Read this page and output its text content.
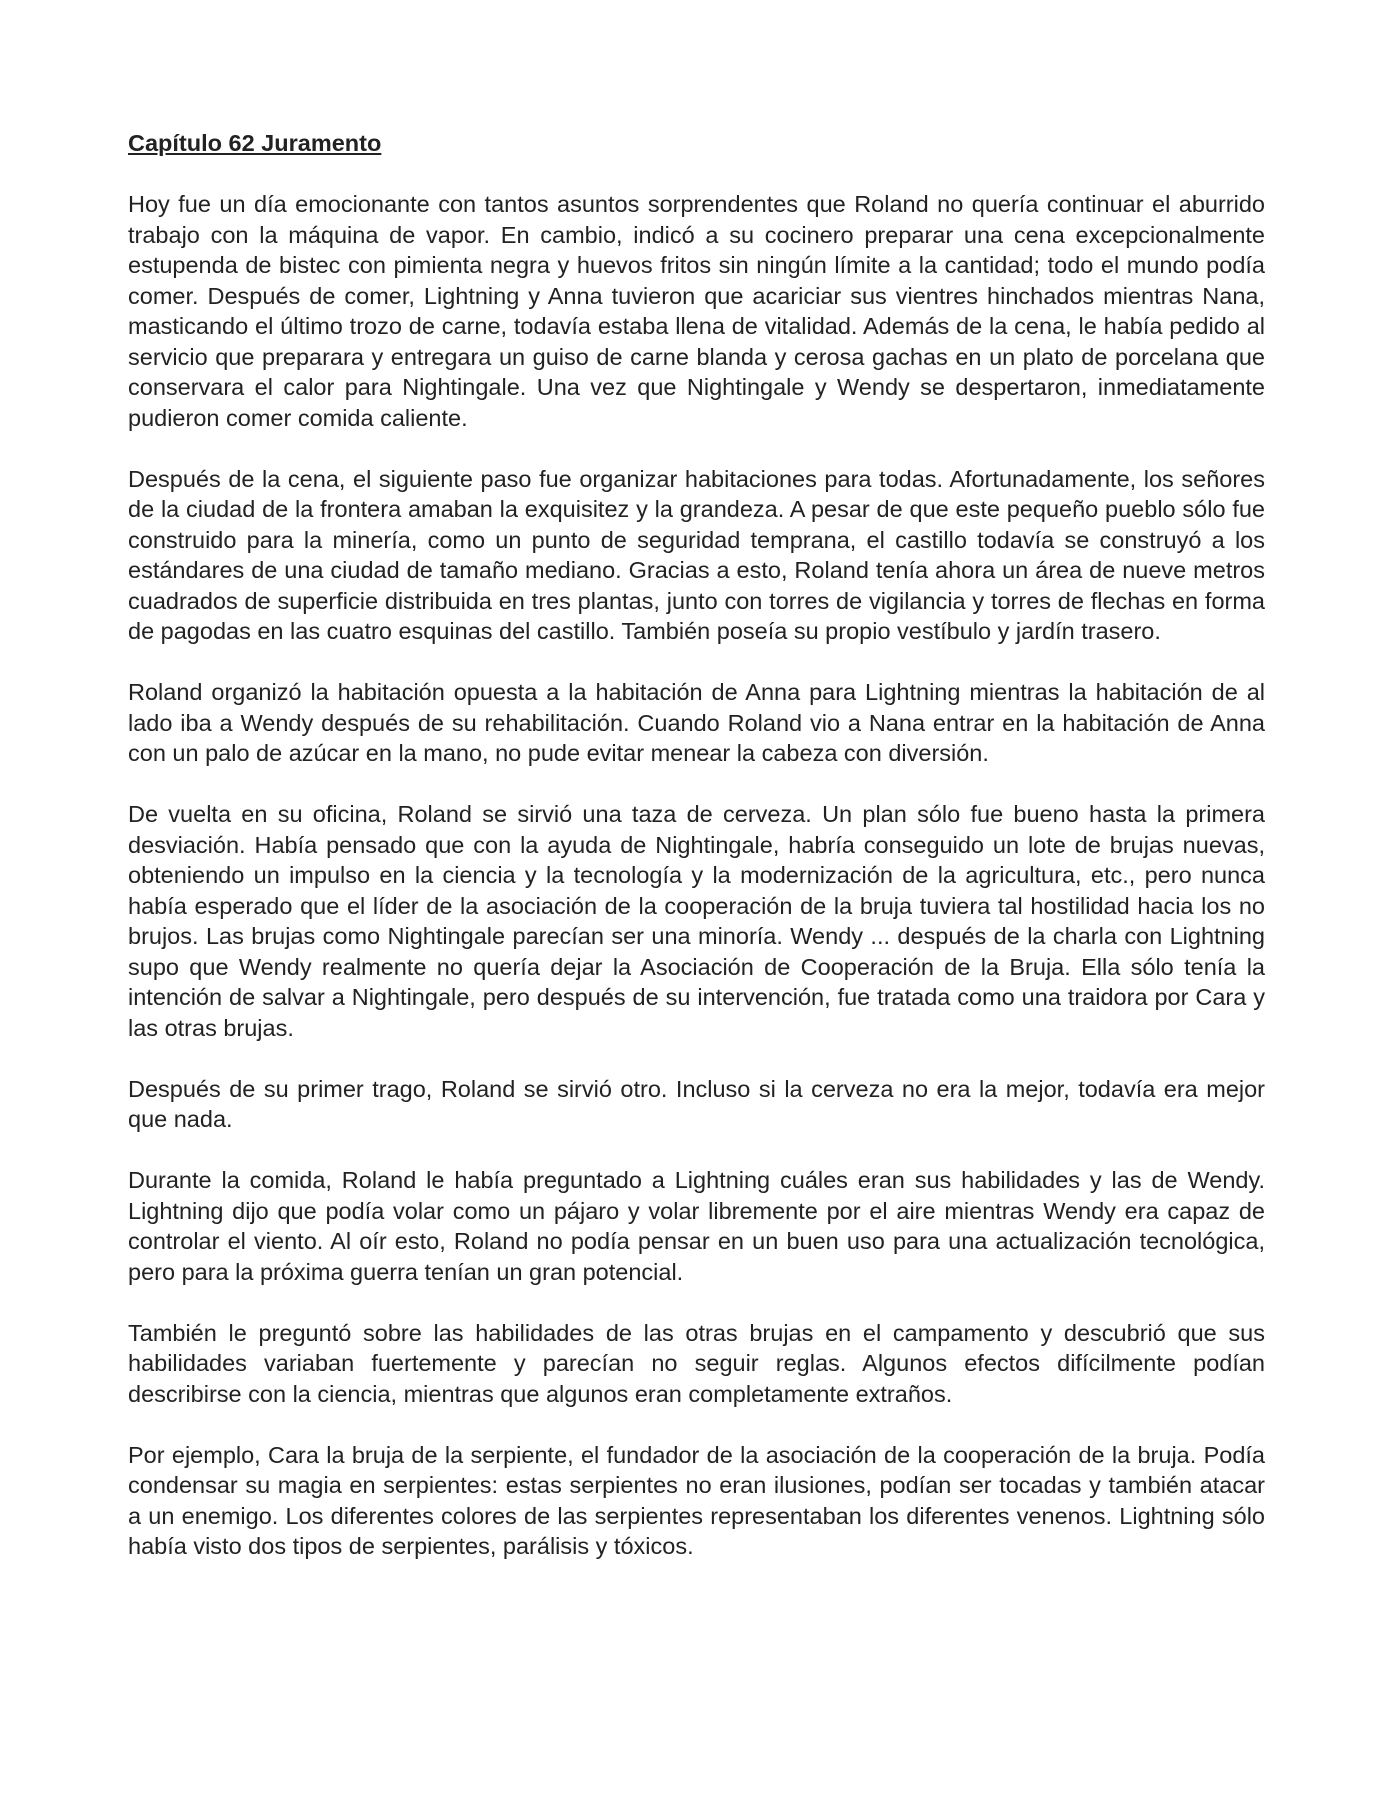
Capítulo 62 Juramento

Hoy fue un día emocionante con tantos asuntos sorprendentes que Roland no quería continuar el aburrido trabajo con la máquina de vapor. En cambio, indicó a su cocinero preparar una cena excepcionalmente estupenda de bistec con pimienta negra y huevos fritos sin ningún límite a la cantidad; todo el mundo podía comer. Después de comer, Lightning y Anna tuvieron que acariciar sus vientres hinchados mientras Nana, masticando el último trozo de carne, todavía estaba llena de vitalidad. Además de la cena, le había pedido al servicio que preparara y entregara un guiso de carne blanda y cerosa gachas en un plato de porcelana que conservara el calor para Nightingale. Una vez que Nightingale y Wendy se despertaron, inmediatamente pudieron comer comida caliente.

Después de la cena, el siguiente paso fue organizar habitaciones para todas. Afortunadamente, los señores de la ciudad de la frontera amaban la exquisitez y la grandeza. A pesar de que este pequeño pueblo sólo fue construido para la minería, como un punto de seguridad temprana, el castillo todavía se construyó a los estándares de una ciudad de tamaño mediano. Gracias a esto, Roland tenía ahora un área de nueve metros cuadrados de superficie distribuida en tres plantas, junto con torres de vigilancia y torres de flechas en forma de pagodas en las cuatro esquinas del castillo. También poseía su propio vestíbulo y jardín trasero.

Roland organizó la habitación opuesta a la habitación de Anna para Lightning mientras la habitación de al lado iba a Wendy después de su rehabilitación. Cuando Roland vio a Nana entrar en la habitación de Anna con un palo de azúcar en la mano, no pude evitar menear la cabeza con diversión.

De vuelta en su oficina, Roland se sirvió una taza de cerveza. Un plan sólo fue bueno hasta la primera desviación. Había pensado que con la ayuda de Nightingale, habría conseguido un lote de brujas nuevas, obteniendo un impulso en la ciencia y la tecnología y la modernización de la agricultura, etc., pero nunca había esperado que el líder de la asociación de la cooperación de la bruja tuviera tal hostilidad hacia los no brujos. Las brujas como Nightingale parecían ser una minoría. Wendy ... después de la charla con Lightning supo que Wendy realmente no quería dejar la Asociación de Cooperación de la Bruja. Ella sólo tenía la intención de salvar a Nightingale, pero después de su intervención, fue tratada como una traidora por Cara y las otras brujas.

Después de su primer trago, Roland se sirvió otro. Incluso si la cerveza no era la mejor, todavía era mejor que nada.

Durante la comida, Roland le había preguntado a Lightning cuáles eran sus habilidades y las de Wendy. Lightning dijo que podía volar como un pájaro y volar libremente por el aire mientras Wendy era capaz de controlar el viento. Al oír esto, Roland no podía pensar en un buen uso para una actualización tecnológica, pero para la próxima guerra tenían un gran potencial.

También le preguntó sobre las habilidades de las otras brujas en el campamento y descubrió que sus habilidades variaban fuertemente y parecían no seguir reglas. Algunos efectos difícilmente podían describirse con la ciencia, mientras que algunos eran completamente extraños.

Por ejemplo, Cara la bruja de la serpiente, el fundador de la asociación de la cooperación de la bruja. Podía condensar su magia en serpientes: estas serpientes no eran ilusiones, podían ser tocadas y también atacar a un enemigo. Los diferentes colores de las serpientes representaban los diferentes venenos. Lightning sólo había visto dos tipos de serpientes, parálisis y tóxicos.
